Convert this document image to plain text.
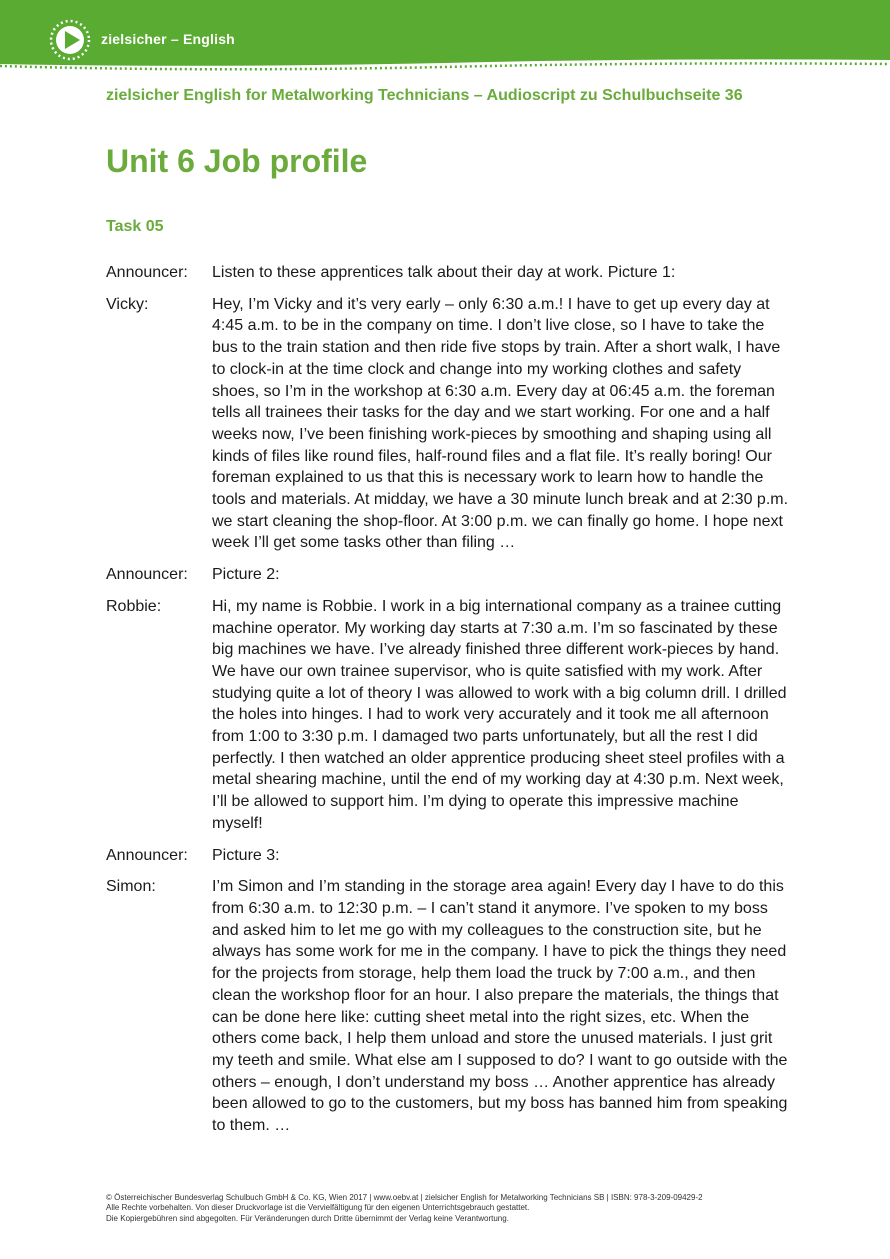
zielsicher – English
zielsicher English for Metalworking Technicians – Audioscript zu Schulbuchseite 36
Unit 6 Job profile
Task 05
Announcer:	Listen to these apprentices talk about their day at work. Picture 1:
Vicky:	Hey, I’m Vicky and it’s very early – only 6:30 a.m.! I have to get up every day at 4:45 a.m. to be in the company on time. I don’t live close, so I have to take the bus to the train station and then ride five stops by train. After a short walk, I have to clock-in at the time clock and change into my working clothes and safety shoes, so I’m in the workshop at 6:30 a.m. Every day at 06:45 a.m. the foreman tells all trainees their tasks for the day and we start working. For one and a half weeks now, I’ve been finishing work-pieces by smoothing and shaping using all kinds of files like round files, half-round files and a flat file. It’s really boring! Our foreman explained to us that this is necessary work to learn how to handle the tools and materials. At midday, we have a 30 minute lunch break and at 2:30 p.m. we start cleaning the shop-floor. At 3:00 p.m. we can finally go home. I hope next week I’ll get some tasks other than filing …
Announcer:	Picture 2:
Robbie:	Hi, my name is Robbie. I work in a big international company as a trainee cutting machine operator. My working day starts at 7:30 a.m. I’m so fascinated by these big machines we have. I’ve already finished three different work-pieces by hand. We have our own trainee supervisor, who is quite satisfied with my work. After studying quite a lot of theory I was allowed to work with a big column drill. I drilled the holes into hinges. I had to work very accurately and it took me all afternoon from 1:00 to 3:30 p.m. I damaged two parts unfortunately, but all the rest I did perfectly. I then watched an older apprentice producing sheet steel profiles with a metal shearing machine, until the end of my working day at 4:30 p.m. Next week, I’ll be allowed to support him. I’m dying to operate this impressive machine myself!
Announcer:	Picture 3:
Simon:	I’m Simon and I’m standing in the storage area again! Every day I have to do this from 6:30 a.m. to 12:30 p.m. – I can’t stand it anymore. I’ve spoken to my boss and asked him to let me go with my colleagues to the construction site, but he always has some work for me in the company. I have to pick the things they need for the projects from storage, help them load the truck by 7:00 a.m., and then clean the workshop floor for an hour. I also prepare the materials, the things that can be done here like: cutting sheet metal into the right sizes, etc. When the others come back, I help them unload and store the unused materials. I just grit my teeth and smile. What else am I supposed to do? I want to go outside with the others – enough, I don’t understand my boss … Another apprentice has already been allowed to go to the customers, but my boss has banned him from speaking to them. …
© Österreichischer Bundesverlag Schulbuch GmbH & Co. KG, Wien 2017 | www.oebv.at | zielsicher English for Metalworking Technicians SB | ISBN: 978-3-209-09429-2
Alle Rechte vorbehalten. Von dieser Druckvorlage ist die Vervielfältigung für den eigenen Unterrichtsgebrauch gestattet.
Die Kopiergebühren sind abgegolten. Für Veränderungen durch Dritte übernimmt der Verlag keine Verantwortung.
